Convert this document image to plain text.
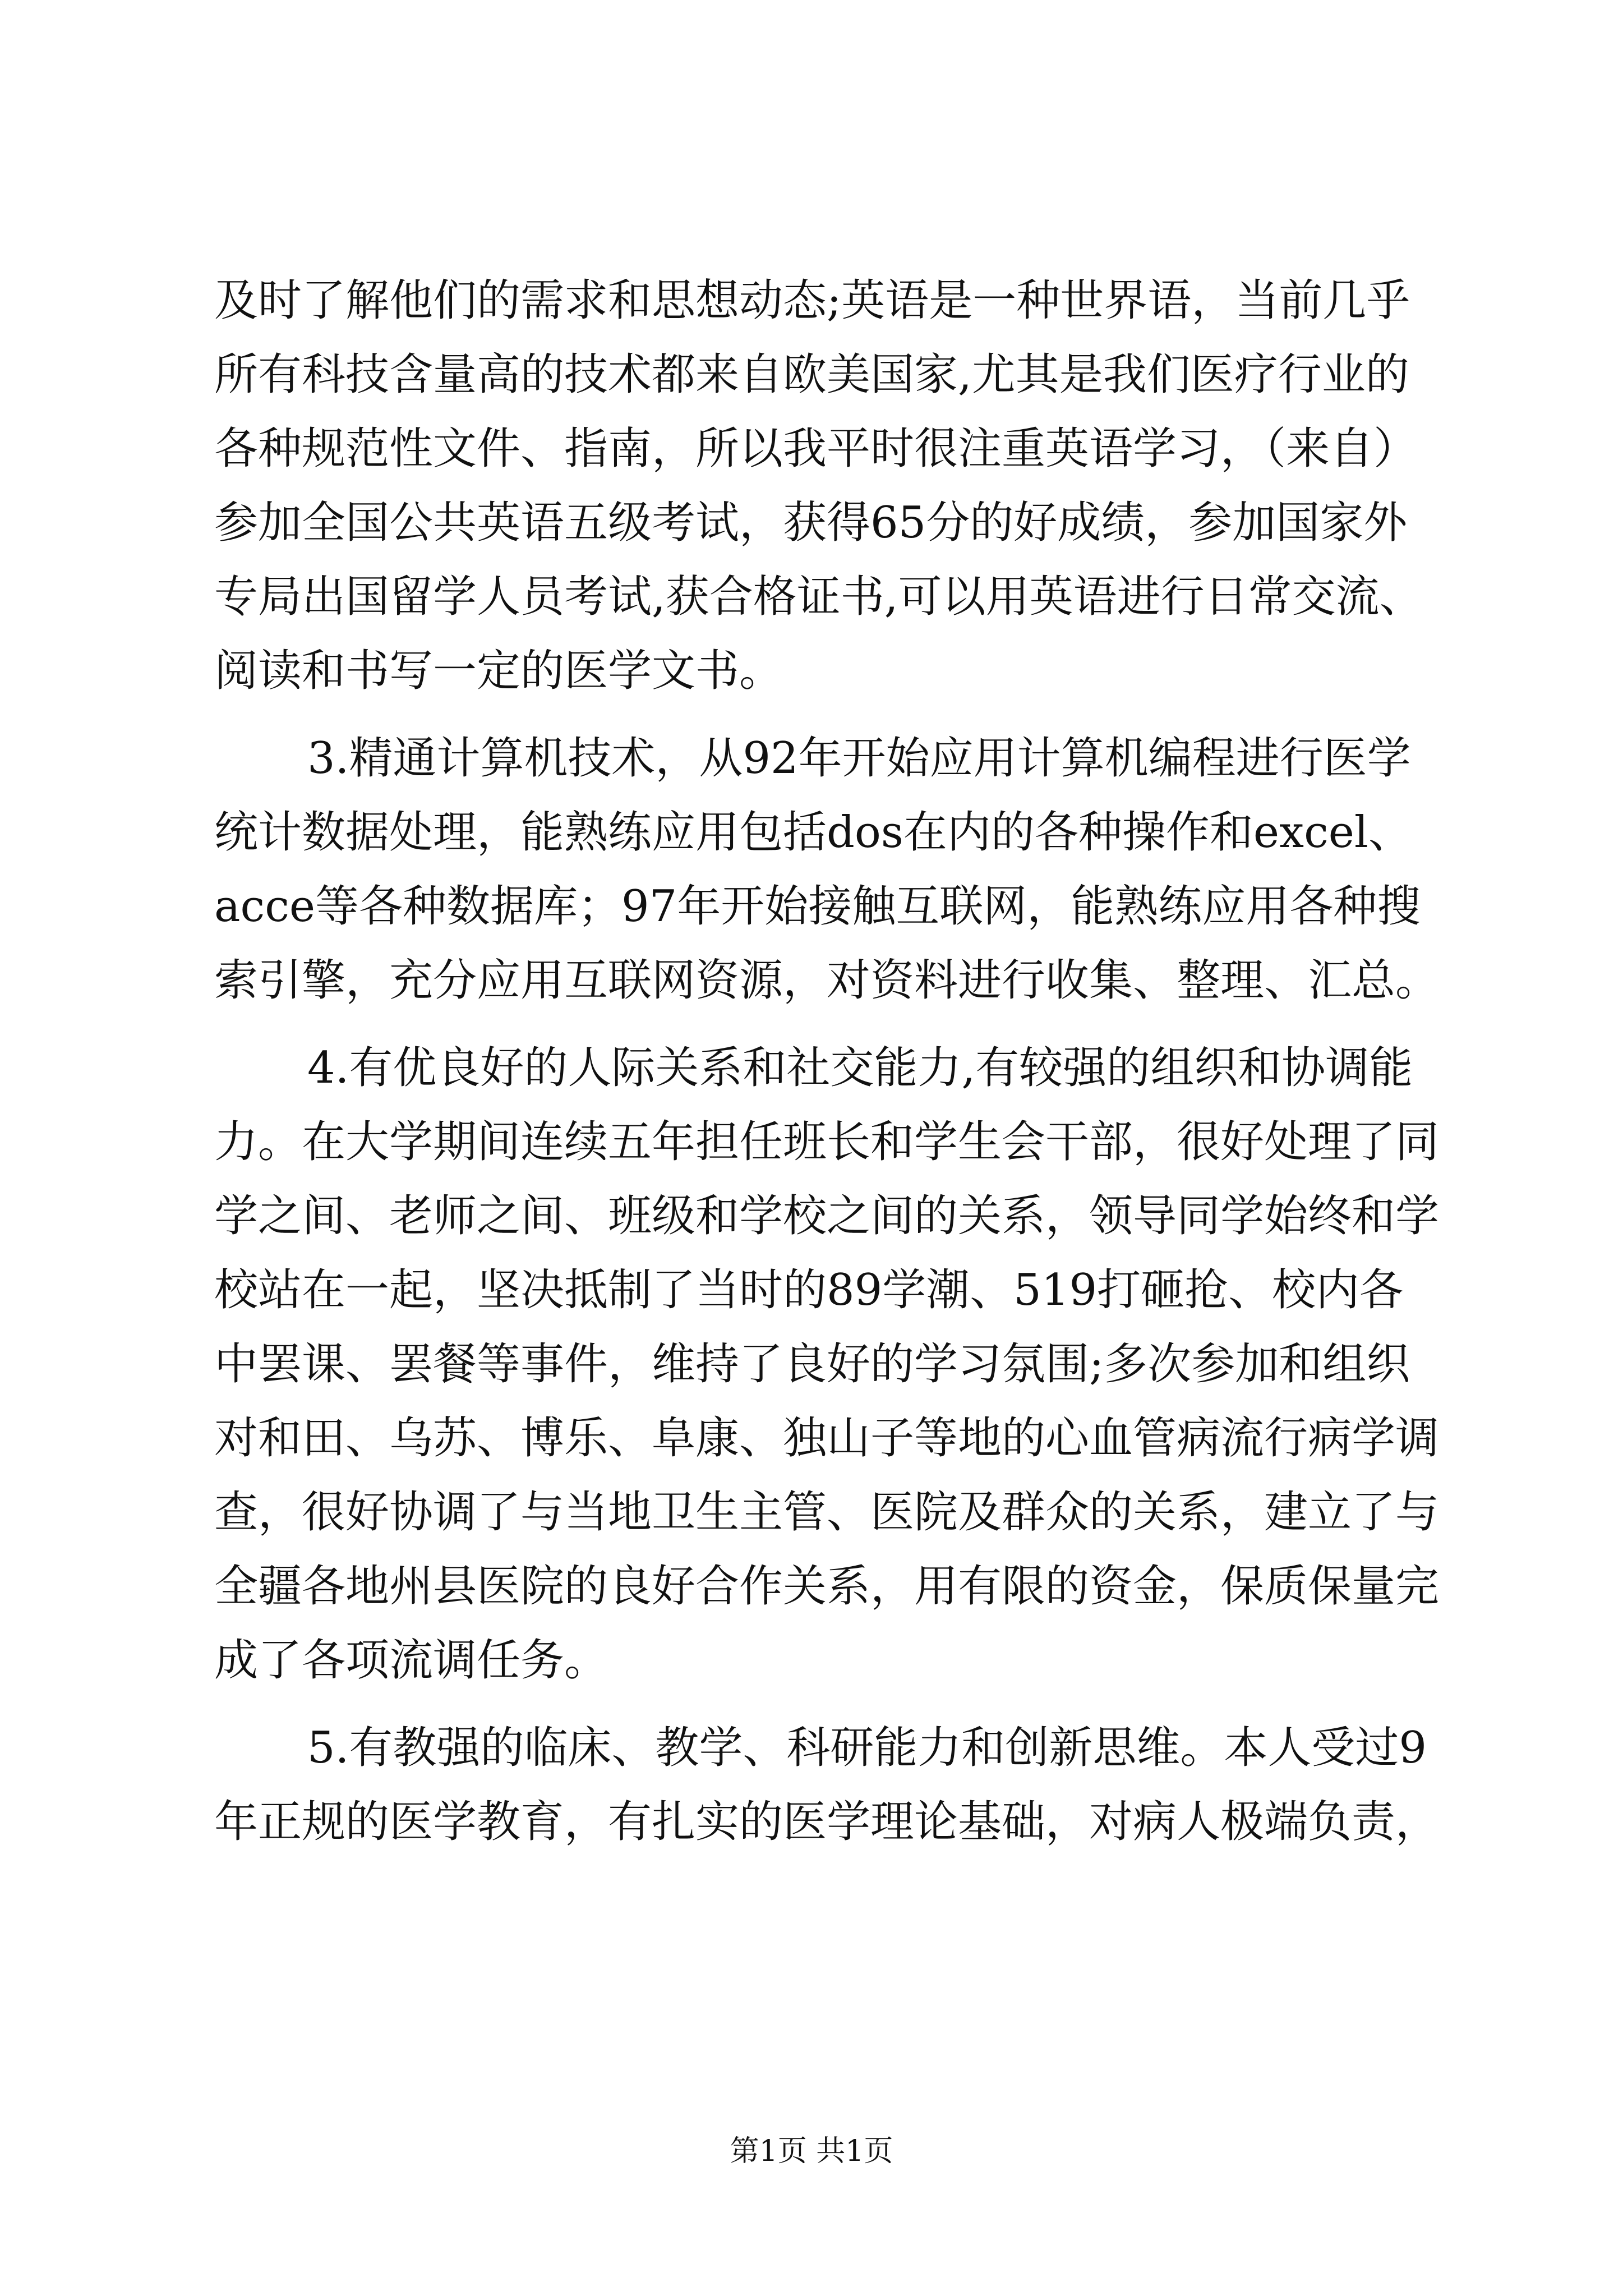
及时了解他们的需求和思想动态;英语是一种世界语，当前几乎
所有科技含量高的技术都来自欧美国家,尤其是我们医疗行业的
各种规范性文件、指南，所以我平时很注重英语学习，（来自）
参加全国公共英语五级考试，获得65分的好成绩，参加国家外
专局出国留学人员考试,获合格证书,可以用英语进行日常交流、
阅读和书写一定的医学文书。
3.精通计算机技术，从92年开始应用计算机编程进行医学
统计数据处理，能熟练应用包括dos在内的各种操作和excel、
acce等各种数据库；97年开始接触互联网，能熟练应用各种搜
索引擎，充分应用互联网资源，对资料进行收集、整理、汇总。
4.有优良好的人际关系和社交能力,有较强的组织和协调能
力。在大学期间连续五年担任班长和学生会干部，很好处理了同
学之间、老师之间、班级和学校之间的关系，领导同学始终和学
校站在一起，坚决抵制了当时的89学潮、519打砸抢、校内各
中罢课、罢餐等事件，维持了良好的学习氛围;多次参加和组织
对和田、乌苏、博乐、阜康、独山子等地的心血管病流行病学调
查，很好协调了与当地卫生主管、医院及群众的关系，建立了与
全疆各地州县医院的良好合作关系，用有限的资金，保质保量完
成了各项流调任务。
5.有教强的临床、教学、科研能力和创新思维。本人受过9
年正规的医学教育，有扎实的医学理论基础，对病人极端负责，
第1页 共1页
